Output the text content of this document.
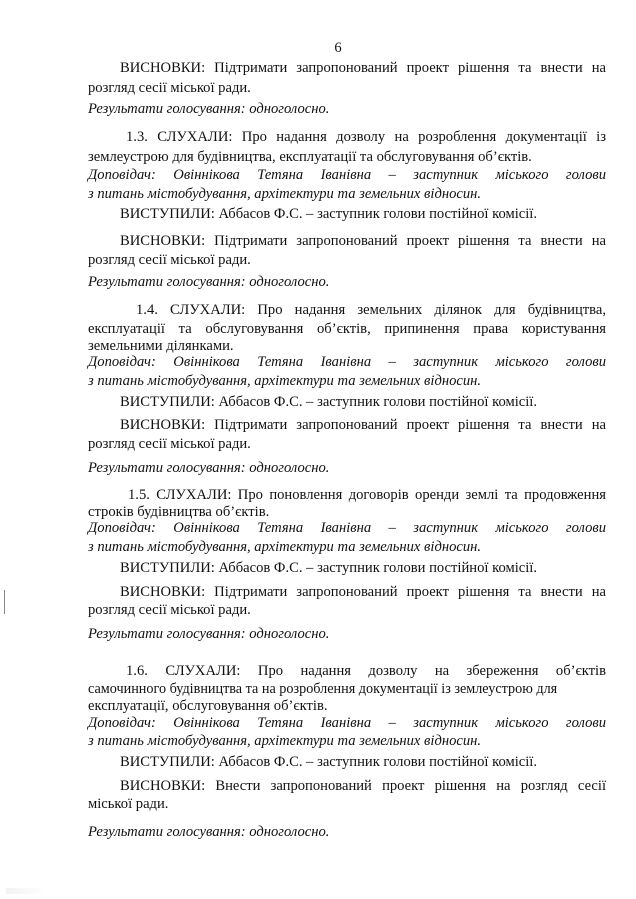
6
ВИСНОВКИ: Підтримати запропонований проект рішення та внести на
розгляд сесії міської ради.
Результати голосування: одноголосно.
1.3. СЛУХАЛИ: Про надання дозволу на розроблення документації із
землеустрою для будівництва, експлуатації та обслуговування об’єктів.
Доповідач: Овіннікова Тетяна Іванівна – заступник міського голови
з питань містобудування, архітектури та земельних відносин.
ВИСТУПИЛИ: Аббасов Ф.С. – заступник голови постійної комісії.
ВИСНОВКИ: Підтримати запропонований проект рішення та внести на
розгляд сесії міської ради.
Результати голосування: одноголосно.
1.4. СЛУХАЛИ: Про надання земельних ділянок для будівництва,
експлуатації та обслуговування об’єктів, припинення права користування
земельними ділянками.
Доповідач: Овіннікова Тетяна Іванівна – заступник міського голови
з питань містобудування, архітектури та земельних відносин.
ВИСТУПИЛИ: Аббасов Ф.С. – заступник голови постійної комісії.
ВИСНОВКИ: Підтримати запропонований проект рішення та внести на
розгляд сесії міської ради.
Результати голосування: одноголосно.
1.5. СЛУХАЛИ: Про поновлення договорів оренди землі та продовження
строків будівництва об’єктів.
Доповідач: Овіннікова Тетяна Іванівна – заступник міського голови
з питань містобудування, архітектури та земельних відносин.
ВИСТУПИЛИ: Аббасов Ф.С. – заступник голови постійної комісії.
ВИСНОВКИ: Підтримати запропонований проект рішення та внести на
розгляд сесії міської ради.
Результати голосування: одноголосно.
1.6. СЛУХАЛИ: Про надання дозволу на збереження об’єктів
самочинного будівництва та на розроблення документації із землеустрою для
експлуатації, обслуговування об’єктів.
Доповідач: Овіннікова Тетяна Іванівна – заступник міського голови
з питань містобудування, архітектури та земельних відносин.
ВИСТУПИЛИ: Аббасов Ф.С. – заступник голови постійної комісії.
ВИСНОВКИ: Внести запропонований проект рішення на розгляд сесії
міської ради.
Результати голосування: одноголосно.
